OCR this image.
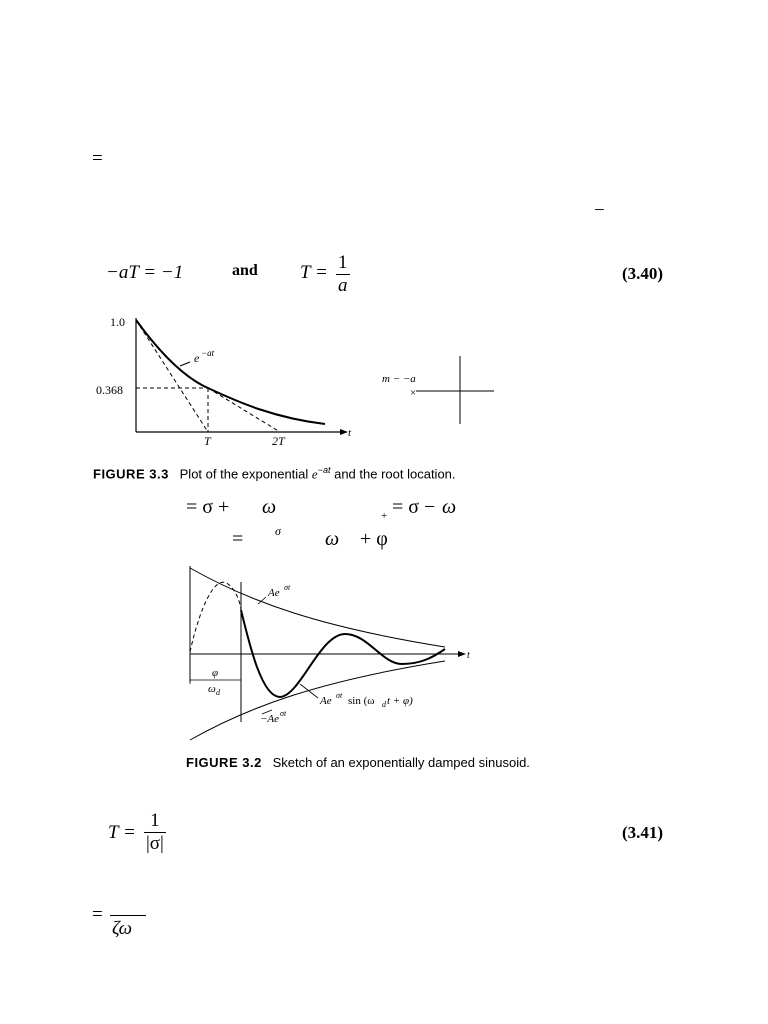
=
−
−aT = −1	and $T = \frac{1}{a}$	(3.40)
1.0
0.368
T	2T
t
e −at
×
m − −a
FIGURE 3.3 Plot of the exponential $e^{-at}$ and the root location.
= σ + ω	+ = σ − ω
=	σ ω + φ
Ae σt
Ae σt sin (ω d t + φ)
−Ae σt
φ
ω d
t
FIGURE 3.2 Sketch of an exponentially damped sinusoid.
$T = \frac{1}{|\sigma|}$	(3.41)
=
ζω
